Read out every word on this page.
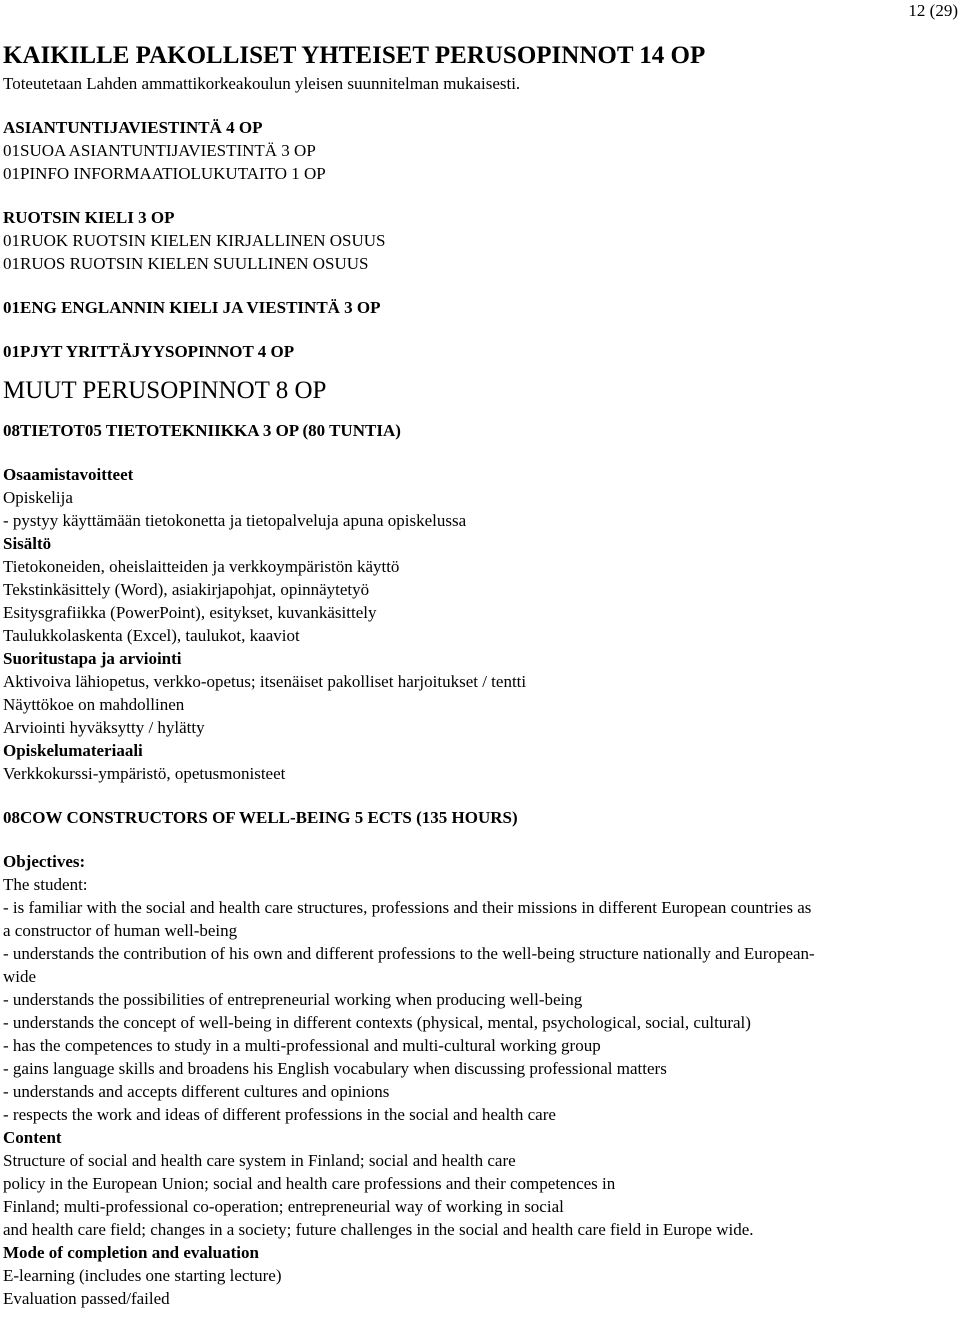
12 (29)
KAIKILLE PAKOLLISET YHTEISET PERUSOPINNOT 14 OP
Toteutetaan Lahden ammattikorkeakoulun yleisen suunnitelman mukaisesti.
ASIANTUNTIJAVIESTINTÄ 4 OP
01SUOA ASIANTUNTIJAVIESTINTÄ 3 OP
01PINFO INFORMAATIOLUKUTAITO 1 OP
RUOTSIN KIELI 3 OP
01RUOK RUOTSIN KIELEN KIRJALLINEN OSUUS
01RUOS RUOTSIN KIELEN SUULLINEN OSUUS
01ENG ENGLANNIN KIELI JA VIESTINTÄ 3 OP
01PJYT YRITTÄJYYSOPINNOT 4 OP
MUUT PERUSOPINNOT 8 OP
08TIETOT05 TIETOTEKNIIKKA 3 OP (80 TUNTIA)
Osaamistavoitteet
Opiskelija
- pystyy käyttämään tietokonetta ja tietopalveluja apuna opiskelussa
Sisältö
Tietokoneiden, oheislaitteiden ja verkkoympäristön käyttö
Tekstinkäsittely (Word), asiakirjapohjat, opinnäytetyö
Esitysgrafiikka (PowerPoint), esitykset, kuvankäsittely
Taulukkolaskenta (Excel), taulukot, kaaviot
Suoritustapa ja arviointi
Aktivoiva lähiopetus, verkko-opetus; itsenäiset pakolliset harjoitukset / tentti
Näyttökoe on mahdollinen
Arviointi hyväksytty / hylätty
Opiskelumateriaali
Verkkokurssi-ympäristö, opetusmonisteet
08COW CONSTRUCTORS OF WELL-BEING 5 ECTS (135 HOURS)
Objectives:
The student:
- is familiar with the social and health care structures, professions and their missions in different European countries as
a constructor of human well-being
- understands the contribution of his own and different professions to the well-being structure nationally and European-
wide
- understands the possibilities of entrepreneurial working when producing well-being
- understands the concept of well-being in different contexts (physical, mental, psychological, social, cultural)
- has the competences to study in a multi-professional and multi-cultural working group
- gains language skills and broadens his English vocabulary when discussing professional matters
- understands and accepts different cultures and opinions
- respects the work and ideas of different professions in the social and health care
Content
Structure of social and health care system in Finland; social and health care
policy in the European Union; social and health care professions and their competences in
Finland; multi-professional co-operation; entrepreneurial way of working in social
and health care field; changes in a society; future challenges in the social and health care field in Europe wide.
Mode of completion and evaluation
E-learning (includes one starting lecture)
Evaluation passed/failed
